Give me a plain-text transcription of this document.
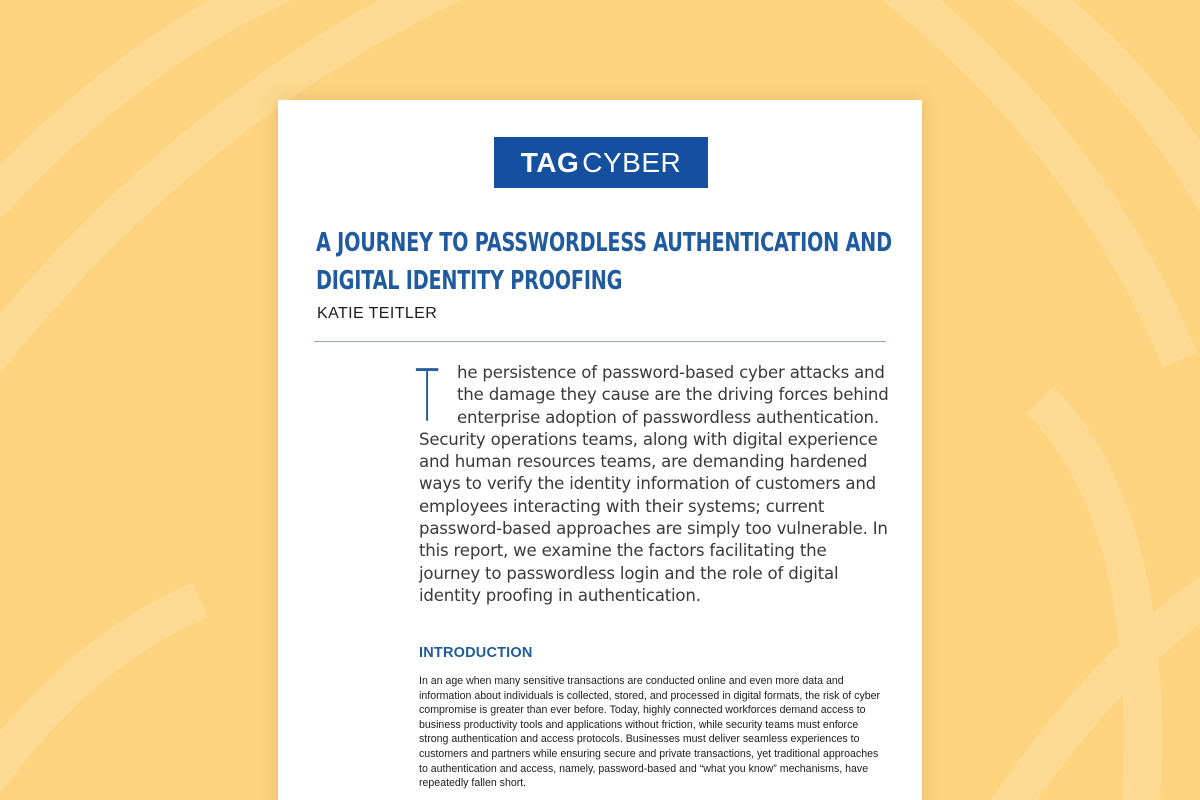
TAG CYBER
A JOURNEY TO PASSWORDLESS AUTHENTICATION AND DIGITAL IDENTITY PROOFING

KATIE TEITLER

T he persistence of password-based cyber attacks and the damage they cause are the driving forces behind enterprise adoption of passwordless authentication. Security operations teams, along with digital experience and human resources teams, are demanding hardened ways to verify the identity information of customers and employees interacting with their systems; current password-based approaches are simply too vulnerable. In this report, we examine the factors facilitating the journey to passwordless login and the role of digital identity proofing in authentication.

INTRODUCTION

In an age when many sensitive transactions are conducted online and even more data and information about individuals is collected, stored, and processed in digital formats, the risk of cyber compromise is greater than ever before. Today, highly connected workforces demand access to business productivity tools and applications without friction, while security teams must enforce strong authentication and access protocols. Businesses must deliver seamless experiences to customers and partners while ensuring secure and private transactions, yet traditional approaches to authentication and access, namely, password-based and “what you know” mechanisms, have repeatedly fallen short.
